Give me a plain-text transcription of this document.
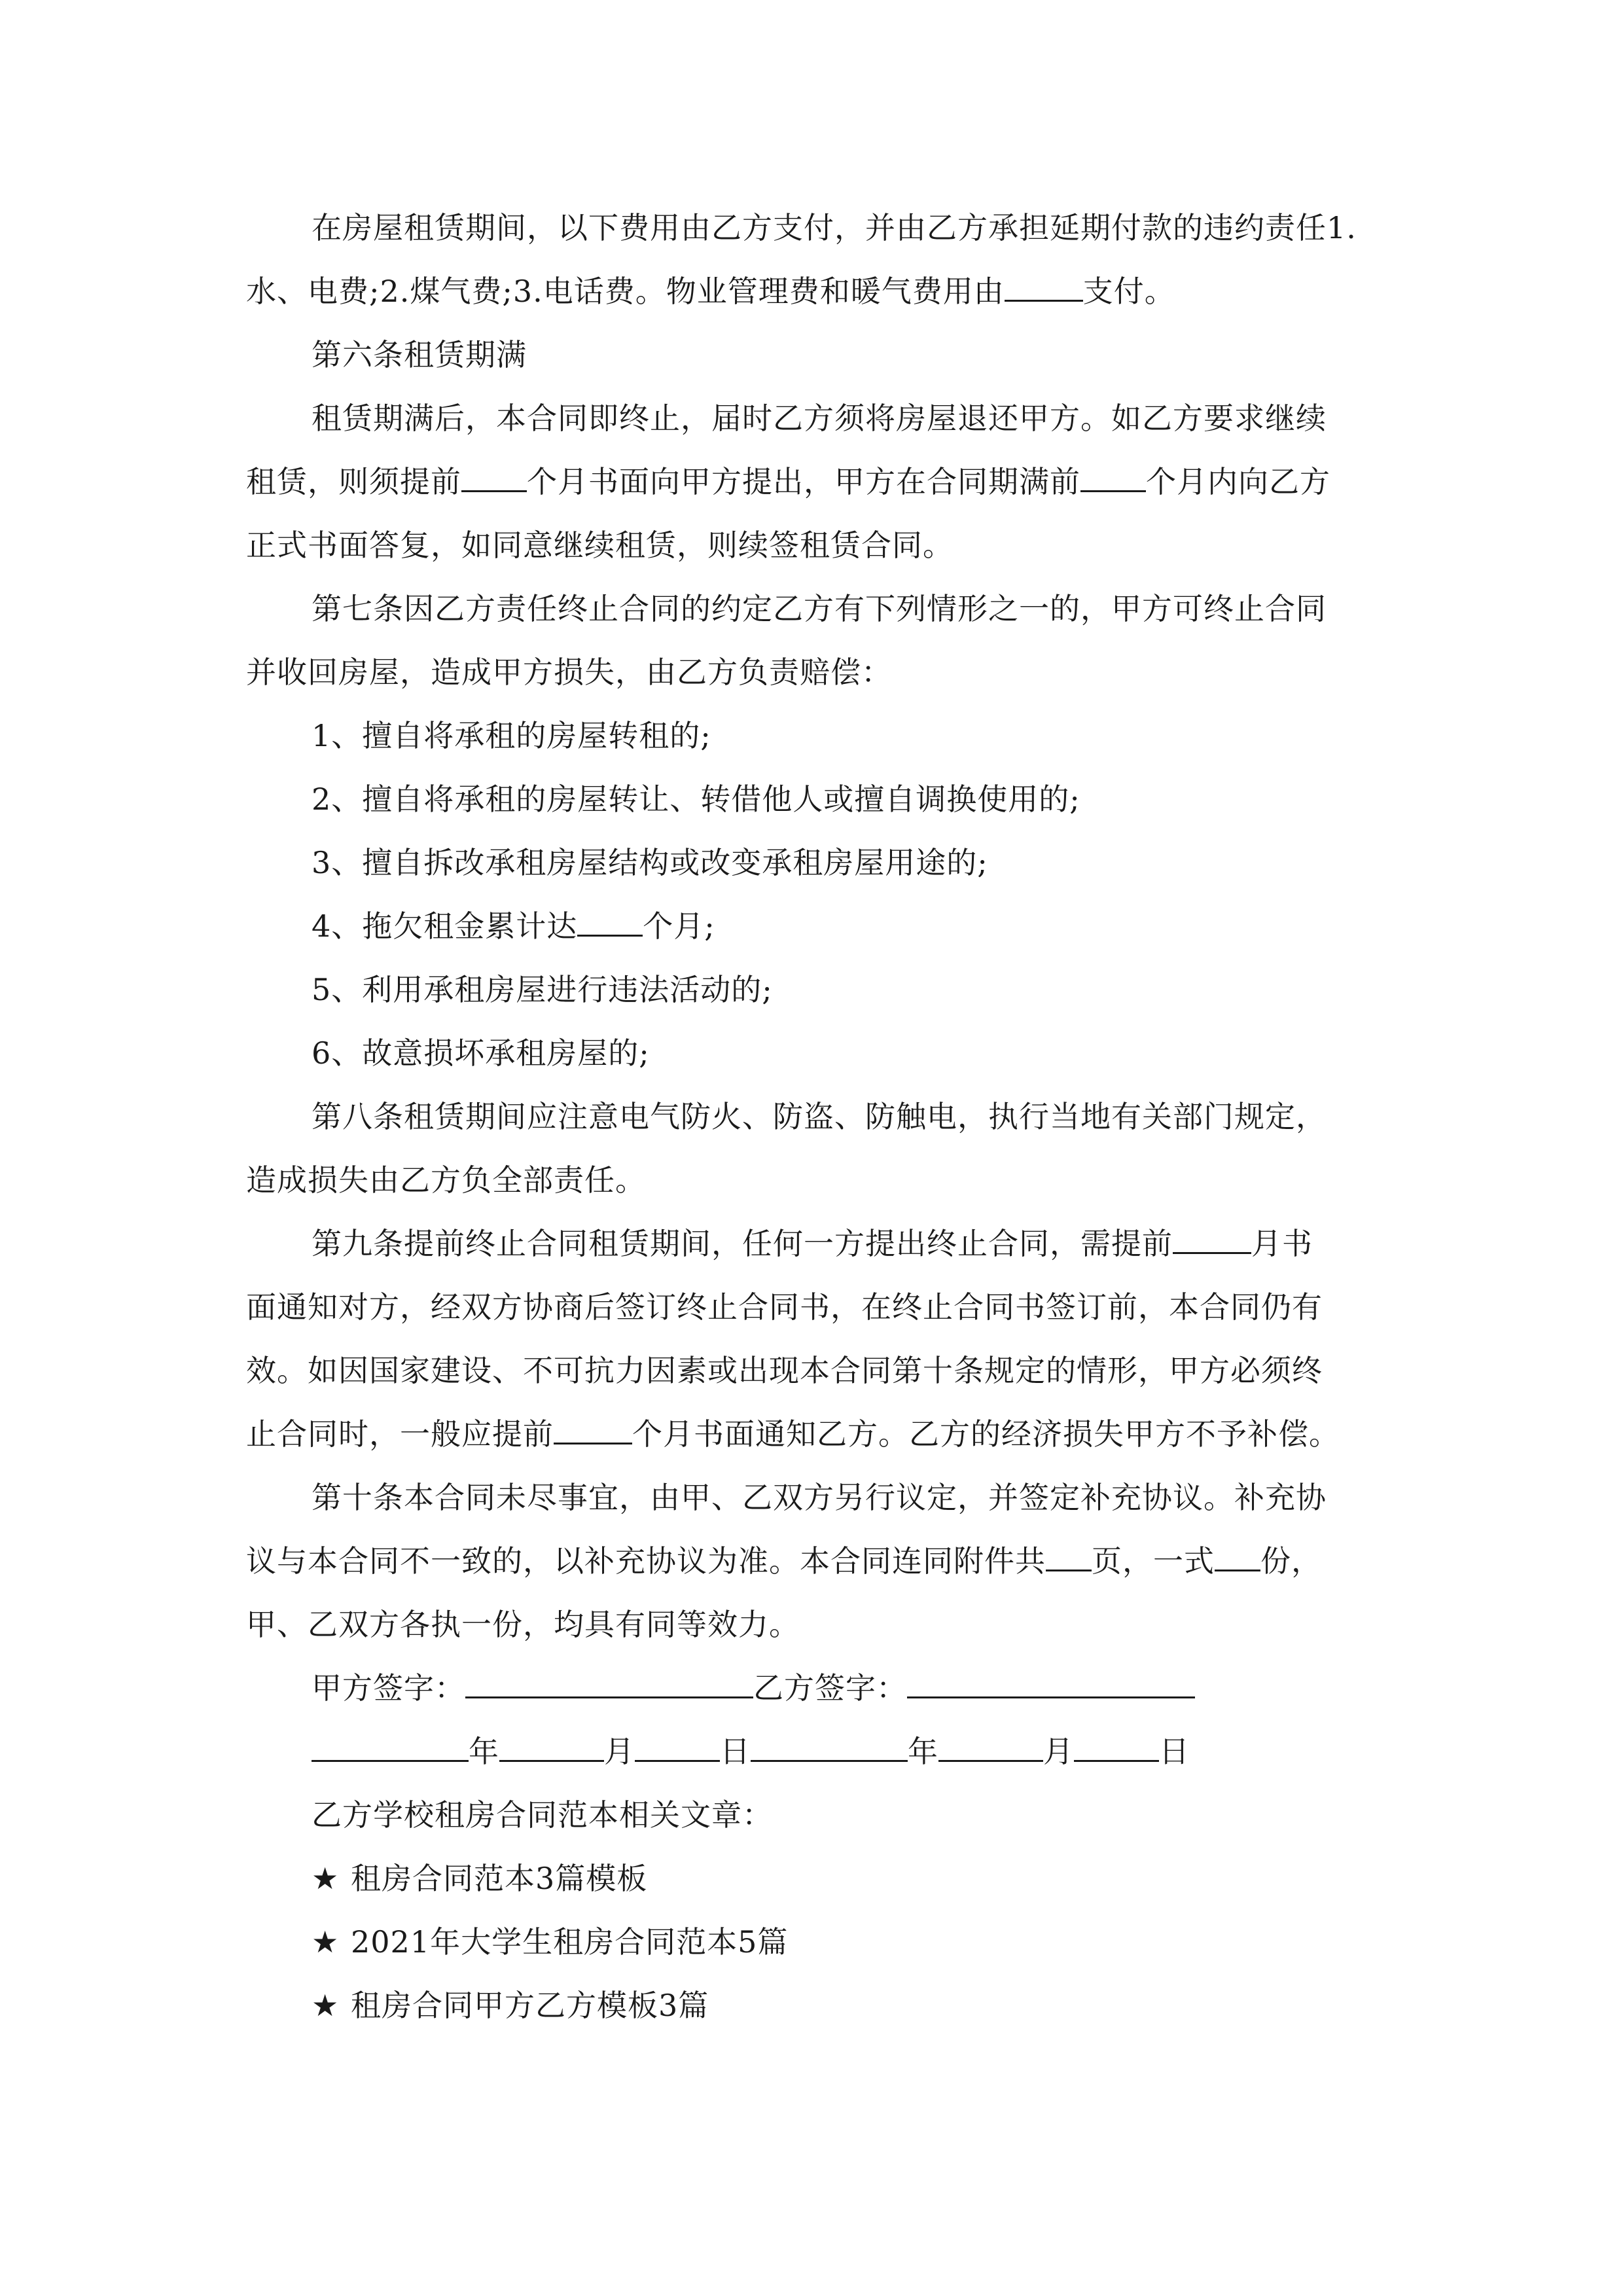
在房屋租赁期间，以下费用由乙方支付，并由乙方承担延期付款的违约责任1.
水、电费;2.煤气费;3.电话费。物业管理费和暖气费用由	支付。
第六条租赁期满
租赁期满后，本合同即终止，届时乙方须将房屋退还甲方。如乙方要求继续
租赁，则须提前 个月书面向甲方提出，甲方在合同期满前 个月内向乙方
正式书面答复，如同意继续租赁，则续签租赁合同。
第七条因乙方责任终止合同的约定乙方有下列情形之一的，甲方可终止合同
并收回房屋，造成甲方损失，由乙方负责赔偿：
1、擅自将承租的房屋转租的;
2、擅自将承租的房屋转让、转借他人或擅自调换使用的;
3、擅自拆改承租房屋结构或改变承租房屋用途的;
4、拖欠租金累计达 个月;
5、利用承租房屋进行违法活动的;
6、故意损坏承租房屋的;
第八条租赁期间应注意电气防火、防盗、防触电，执行当地有关部门规定，
造成损失由乙方负全部责任。
第九条提前终止合同租赁期间，任何一方提出终止合同，需提前	月书
面通知对方，经双方协商后签订终止合同书，在终止合同书签订前，本合同仍有
效。如因国家建设、不可抗力因素或出现本合同第十条规定的情形，甲方必须终
止合同时，一般应提前	个月书面通知乙方。乙方的经济损失甲方不予补偿。
第十条本合同未尽事宜，由甲、乙双方另行议定，并签定补充协议。补充协
议与本合同不一致的，以补充协议为准。本合同连同附件共 页，一式 份，
甲、乙双方各执一份，均具有同等效力。
甲方签字：	乙方签字：
年	月	日	年	月	日
乙方学校租房合同范本相关文章：
★ 租房合同范本3篇模板
★ 2021年大学生租房合同范本5篇
★ 租房合同甲方乙方模板3篇
